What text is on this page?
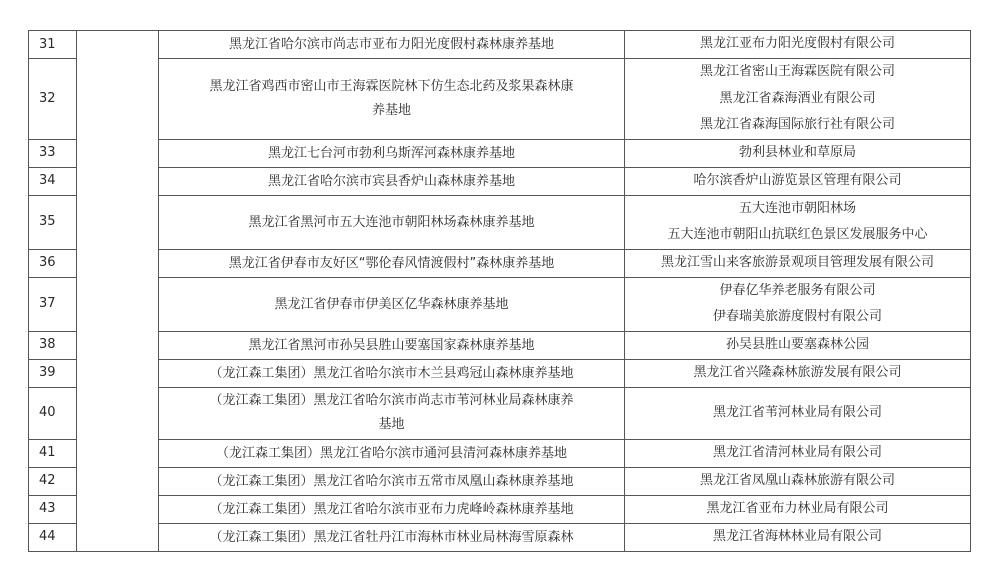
31		黑龙江省哈尔滨市尚志市亚布力阳光度假村森林康养基地	黑龙江亚布力阳光度假村有限公司

32		黑龙江省鸡西市密山市王海霖医院林下仿生态北药及浆果森林康
养基地	黑龙江省密山王海霖医院有限公司
黑龙江省森海酒业有限公司
黑龙江省森海国际旅行社有限公司

33		黑龙江七台河市勃利乌斯浑河森林康养基地	勃利县林业和草原局

34		黑龙江省哈尔滨市宾县香炉山森林康养基地	哈尔滨香炉山游览景区管理有限公司

35		黑龙江省黑河市五大连池市朝阳林场森林康养基地	五大连池市朝阳林场
五大连池市朝阳山抗联红色景区发展服务中心

36		黑龙江省伊春市友好区“鄂伦春风情渡假村”森林康养基地	黑龙江雪山来客旅游景观项目管理发展有限公司

37		黑龙江省伊春市伊美区亿华森林康养基地	伊春亿华养老服务有限公司
伊春瑞美旅游度假村有限公司

38		黑龙江省黑河市孙吴县胜山要塞国家森林康养基地	孙吴县胜山要塞森林公园

39		（龙江森工集团）黑龙江省哈尔滨市木兰县鸡冠山森林康养基地	黑龙江省兴隆森林旅游发展有限公司

40		（龙江森工集团）黑龙江省哈尔滨市尚志市苇河林业局森林康养
基地	黑龙江省苇河林业局有限公司

41		（龙江森工集团）黑龙江省哈尔滨市通河县清河森林康养基地	黑龙江省清河林业局有限公司

42		（龙江森工集团）黑龙江省哈尔滨市五常市凤凰山森林康养基地	黑龙江省凤凰山森林旅游有限公司

43		（龙江森工集团）黑龙江省哈尔滨市亚布力虎峰岭森林康养基地	黑龙江省亚布力林业局有限公司

44		（龙江森工集团）黑龙江省牡丹江市海林市林业局林海雪原森林	黑龙江省海林林业局有限公司
